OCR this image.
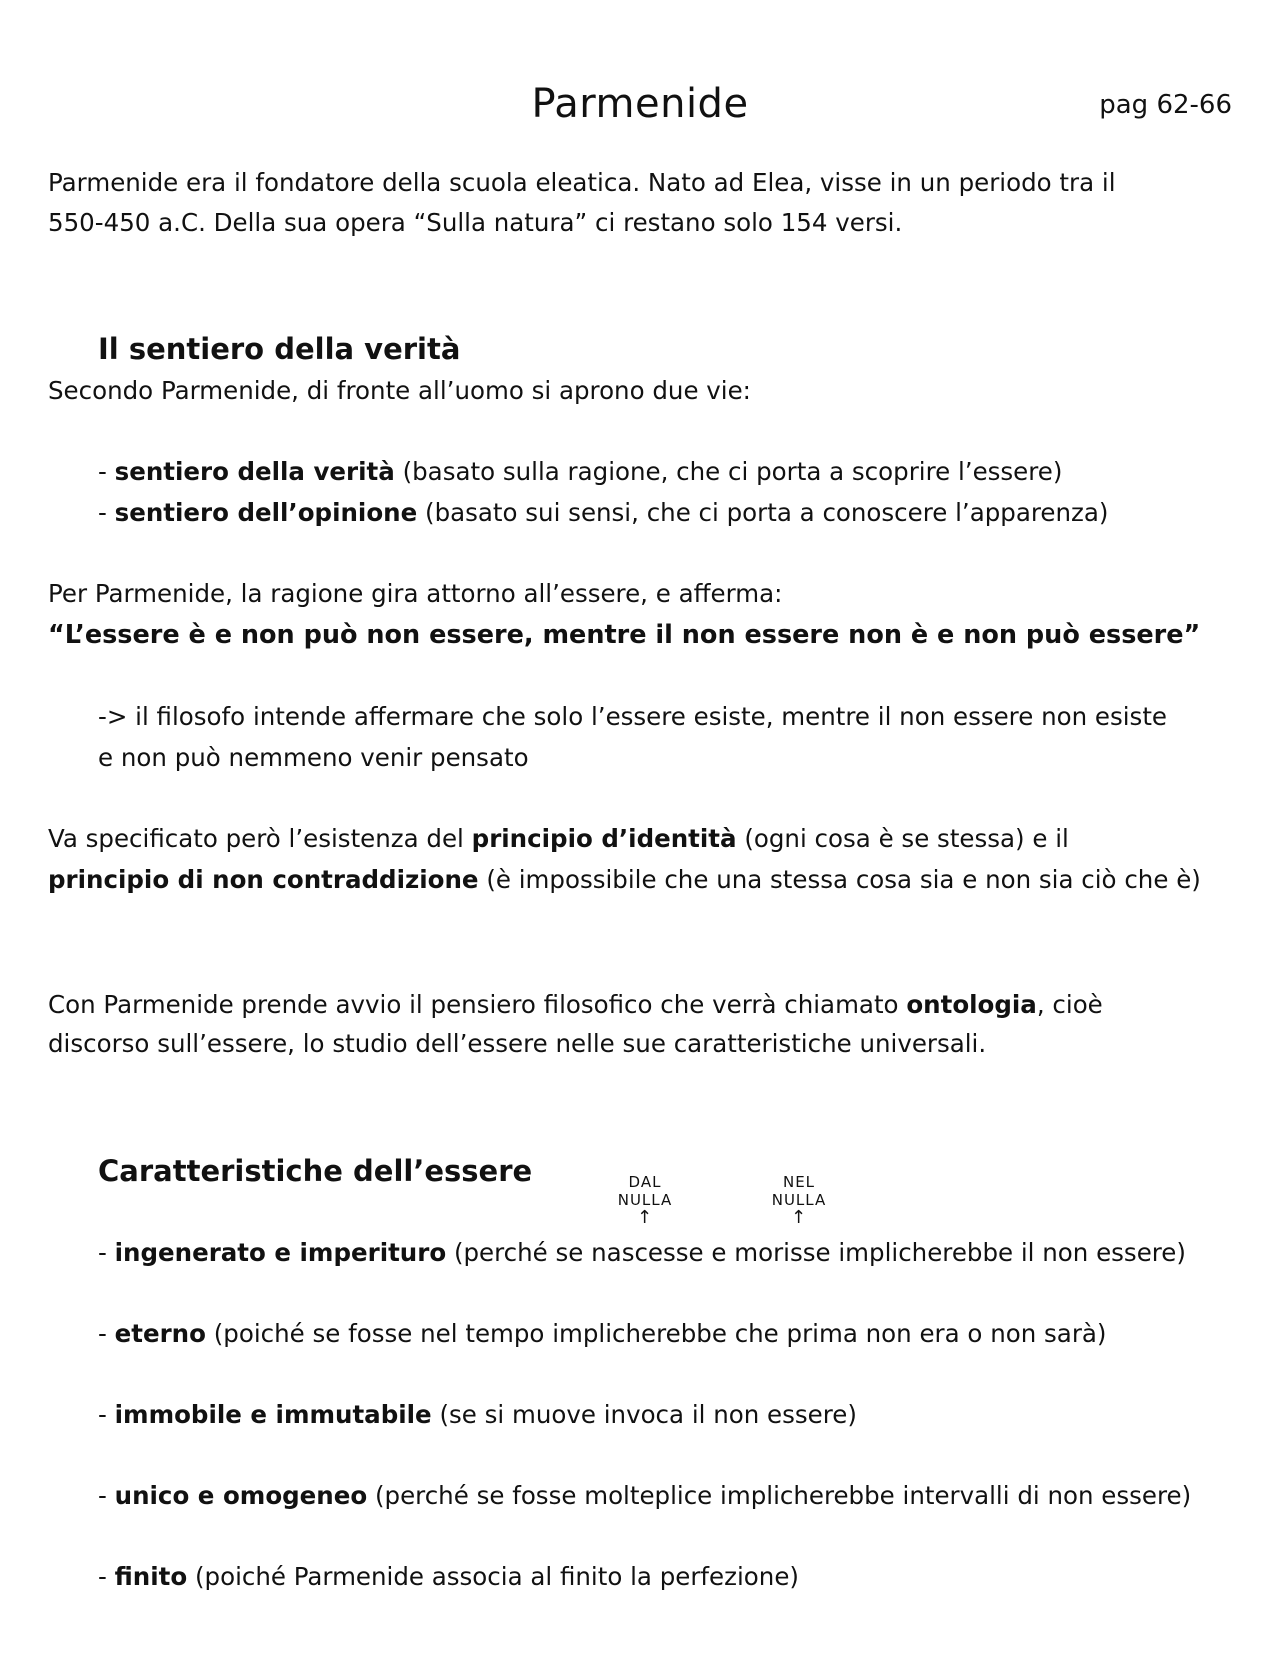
Parmenide	pag 62-66
Parmenide era il fondatore della scuola eleatica. Nato ad Elea, visse in un periodo tra il
550-450 a.C. Della sua opera “Sulla natura” ci restano solo 154 versi.
Il sentiero della verità
Secondo Parmenide, di fronte all’uomo si aprono due vie:
- sentiero della verità (basato sulla ragione, che ci porta a scoprire l’essere)
- sentiero dell’opinione (basato sui sensi, che ci porta a conoscere l’apparenza)
Per Parmenide, la ragione gira attorno all’essere, e afferma:
“L’essere è e non può non essere, mentre il non essere non è e non può essere”
-> il filosofo intende affermare che solo l’essere esiste, mentre il non essere non esiste
e non può nemmeno venir pensato
Va specificato però l’esistenza del principio d’identità (ogni cosa è se stessa) e il
principio di non contraddizione (è impossibile che una stessa cosa sia e non sia ciò che è)
Con Parmenide prende avvio il pensiero filosofico che verrà chiamato ontologia, cioè
discorso sull’essere, lo studio dell’essere nelle sue caratteristiche universali.
Caratteristiche dell’essere	DAL
NULLA
↑
NEL
NULLA
↑
- ingenerato e imperituro (perché se nascesse e morisse implicherebbe il non essere)
- eterno (poiché se fosse nel tempo implicherebbe che prima non era o non sarà)
- immobile e immutabile (se si muove invoca il non essere)
- unico e omogeneo (perché se fosse molteplice implicherebbe intervalli di non essere)
- finito (poiché Parmenide associa al finito la perfezione)
